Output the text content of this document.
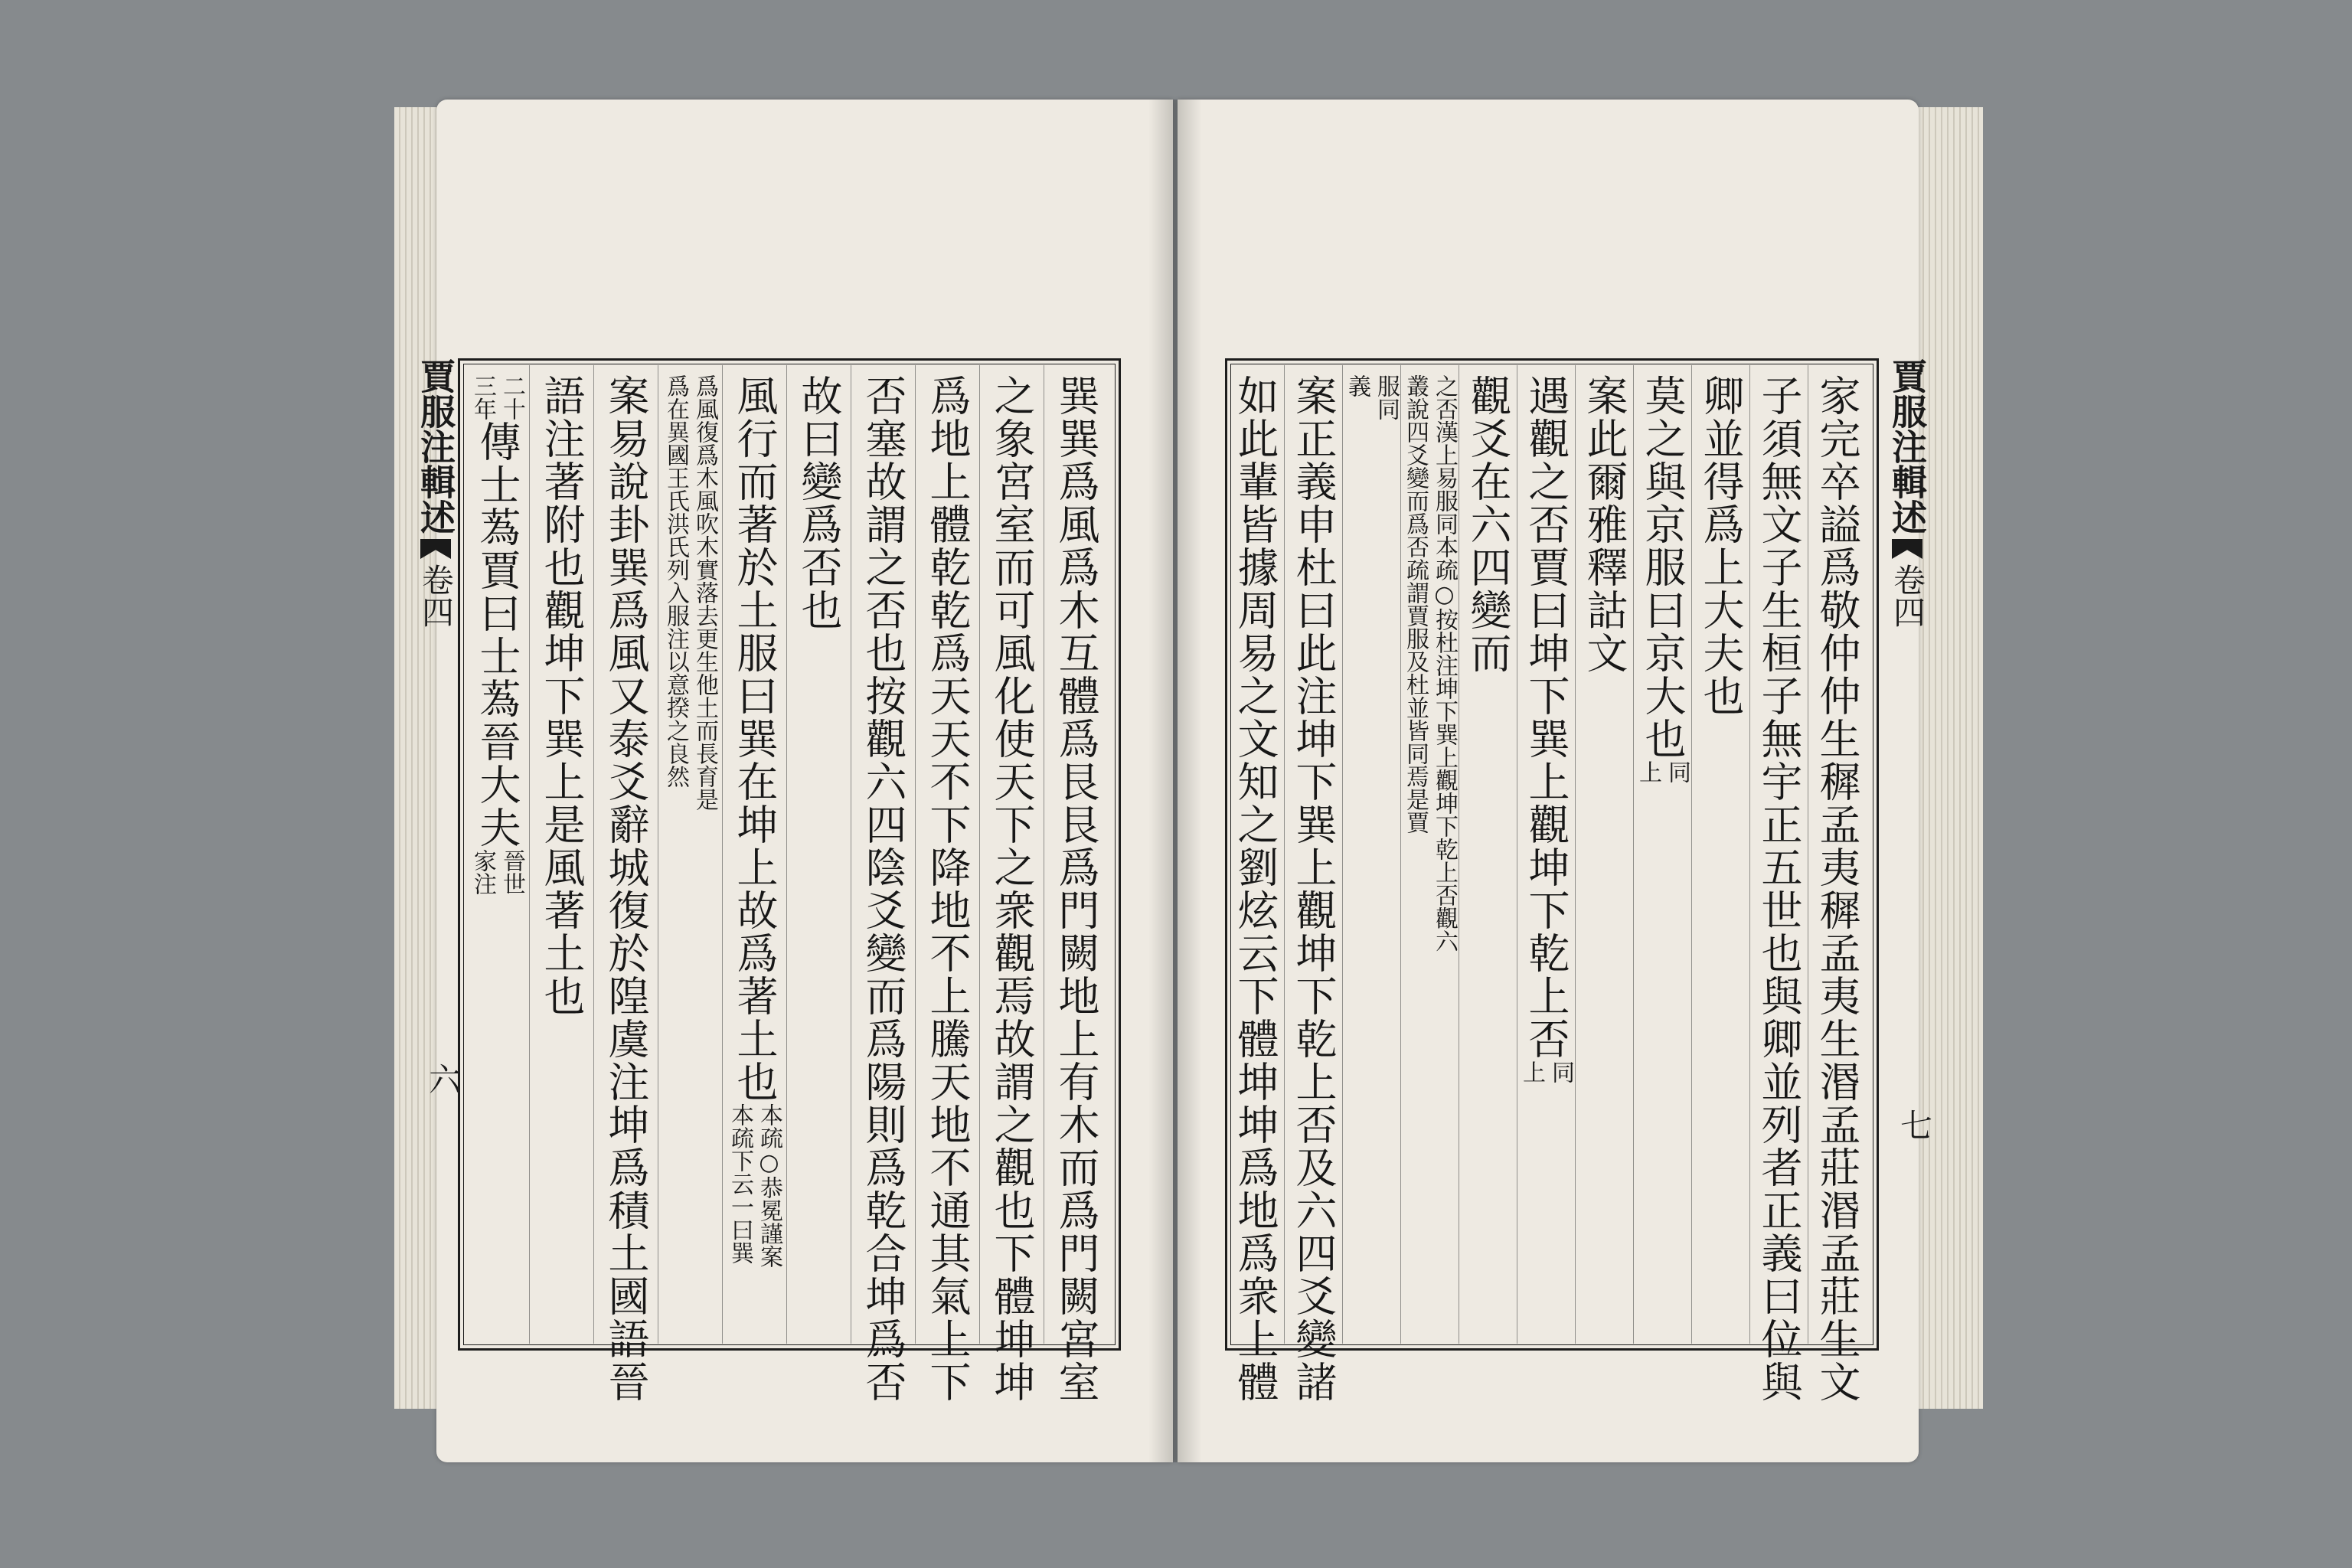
賈服注輯述
卷四
六
賈服注輯述
卷四
七
巽巽爲風爲木互體爲艮艮爲門闕地上有木而爲門闕宮室
之象宮室而可風化使天下之衆觀焉故謂之觀也下體坤坤
爲地上體乾乾爲天天不下降地不上騰天地不通其氣上下
否塞故謂之否也按觀六四陰爻變而爲陽則爲乾合坤爲否
故曰變爲否也
風行而著於土
服曰巽在坤上故爲著土也
本疏○恭冕謹案
本疏下云一曰巽
爲風復爲木風吹木實落去更生他土而長育是
爲在異國王氏洪氏列入服注以意揆之良然
案易說卦巽爲風又泰爻辭城復於隍虞注坤爲積土國語晉
語注著附也觀坤下巽上是風著土也
二十
三年
傳士蒍
賈曰士蒍晉大夫
晉世
家注	家完卒謚爲敬仲仲生穉孟夷穉孟夷生湣孟莊湣孟莊生文
子須無文子生桓子無宇正五世也與卿並列者正義曰位與
卿並得爲上大夫也
莫之與京
服曰京大也
同
上
案此爾雅釋詁文
遇觀之否
賈曰坤下巽上觀坤下乾上否
同
上
觀爻在六四變而
之否漢上易服同本疏○按杜注坤下巽上觀坤下乾上否觀六
叢說四爻變而爲否疏謂賈服及杜並皆同焉是賈
服同
義
案正義申杜曰此注坤下巽上觀坤下乾上否及六四爻變諸
如此輩皆據周易之文知之劉炫云下體坤坤爲地爲衆上體
